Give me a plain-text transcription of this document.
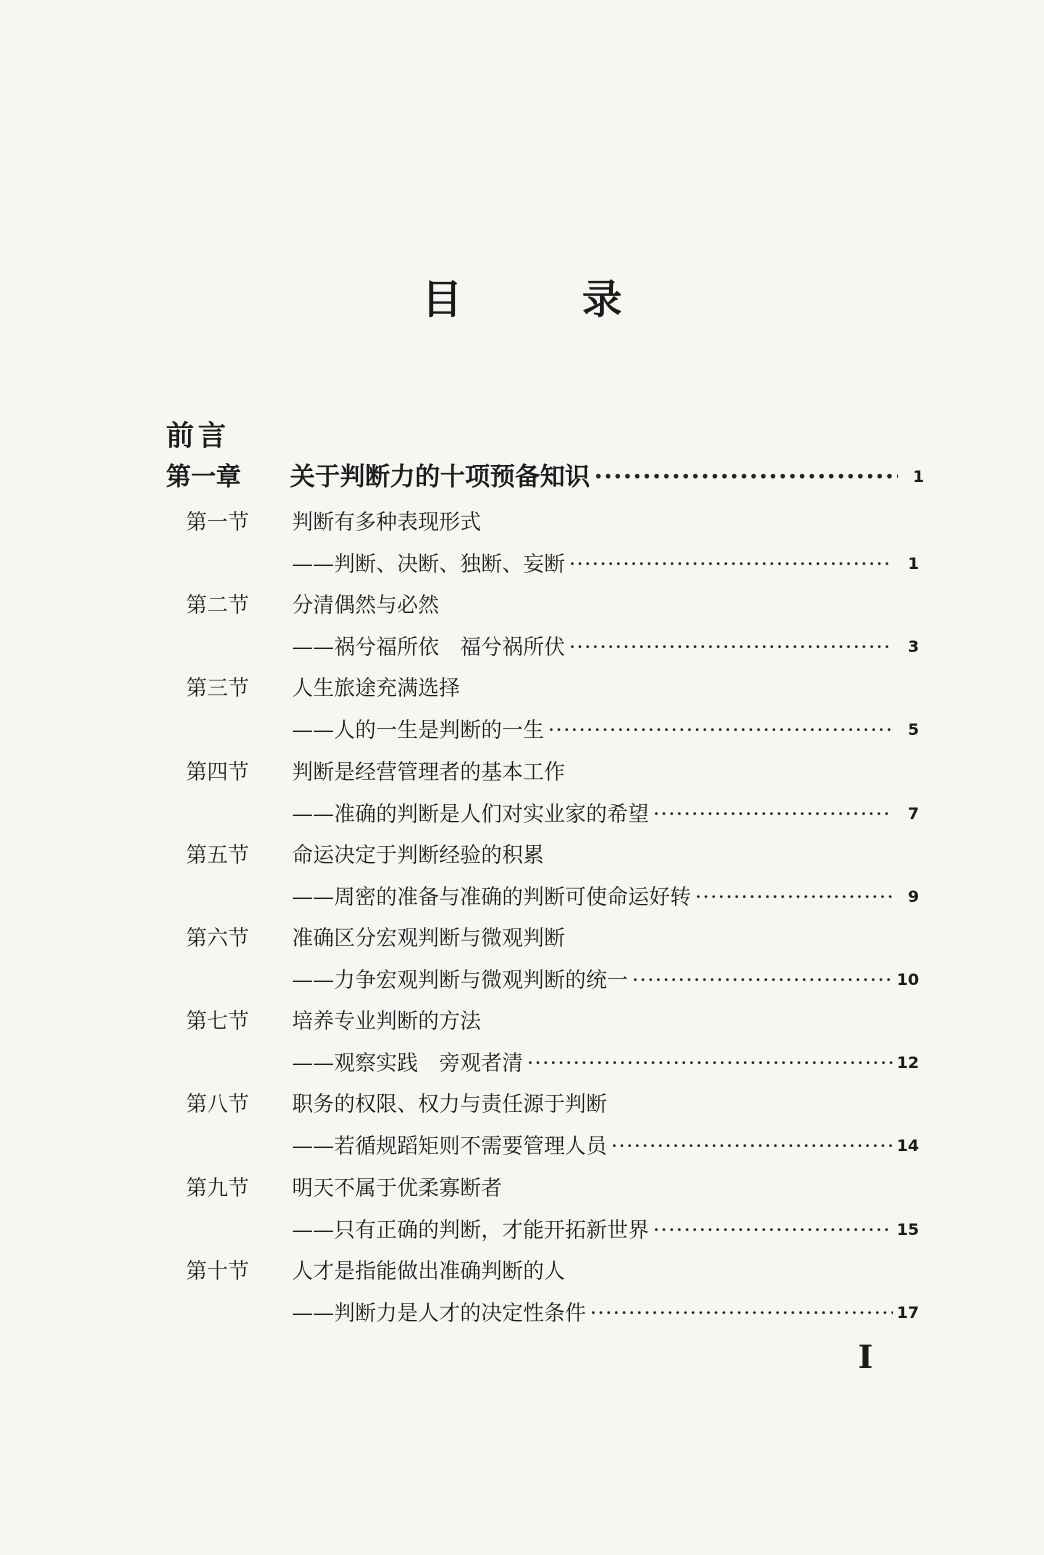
目	录
前言
第一章 关于判断力的十项预备知识 ·····	1
第一节 判断有多种表现形式
——判断、决断、独断、妄断 ·····	1
第二节 分清偶然与必然
——祸兮福所依　福兮祸所伏 ·····	3
第三节 人生旅途充满选择
——人的一生是判断的一生 ·····	5
第四节 判断是经营管理者的基本工作
——准确的判断是人们对实业家的希望 ·····	7
第五节 命运决定于判断经验的积累
——周密的准备与准确的判断可使命运好转 ·····	9
第六节 准确区分宏观判断与微观判断
——力争宏观判断与微观判断的统一 ·····	10
第七节 培养专业判断的方法
——观察实践　旁观者清 ·····	12
第八节 职务的权限、权力与责任源于判断
——若循规蹈矩则不需要管理人员 ·····	14
第九节 明天不属于优柔寡断者
——只有正确的判断，才能开拓新世界 ·····	15
第十节 人才是指能做出准确判断的人
——判断力是人才的决定性条件 ·····	17
I
